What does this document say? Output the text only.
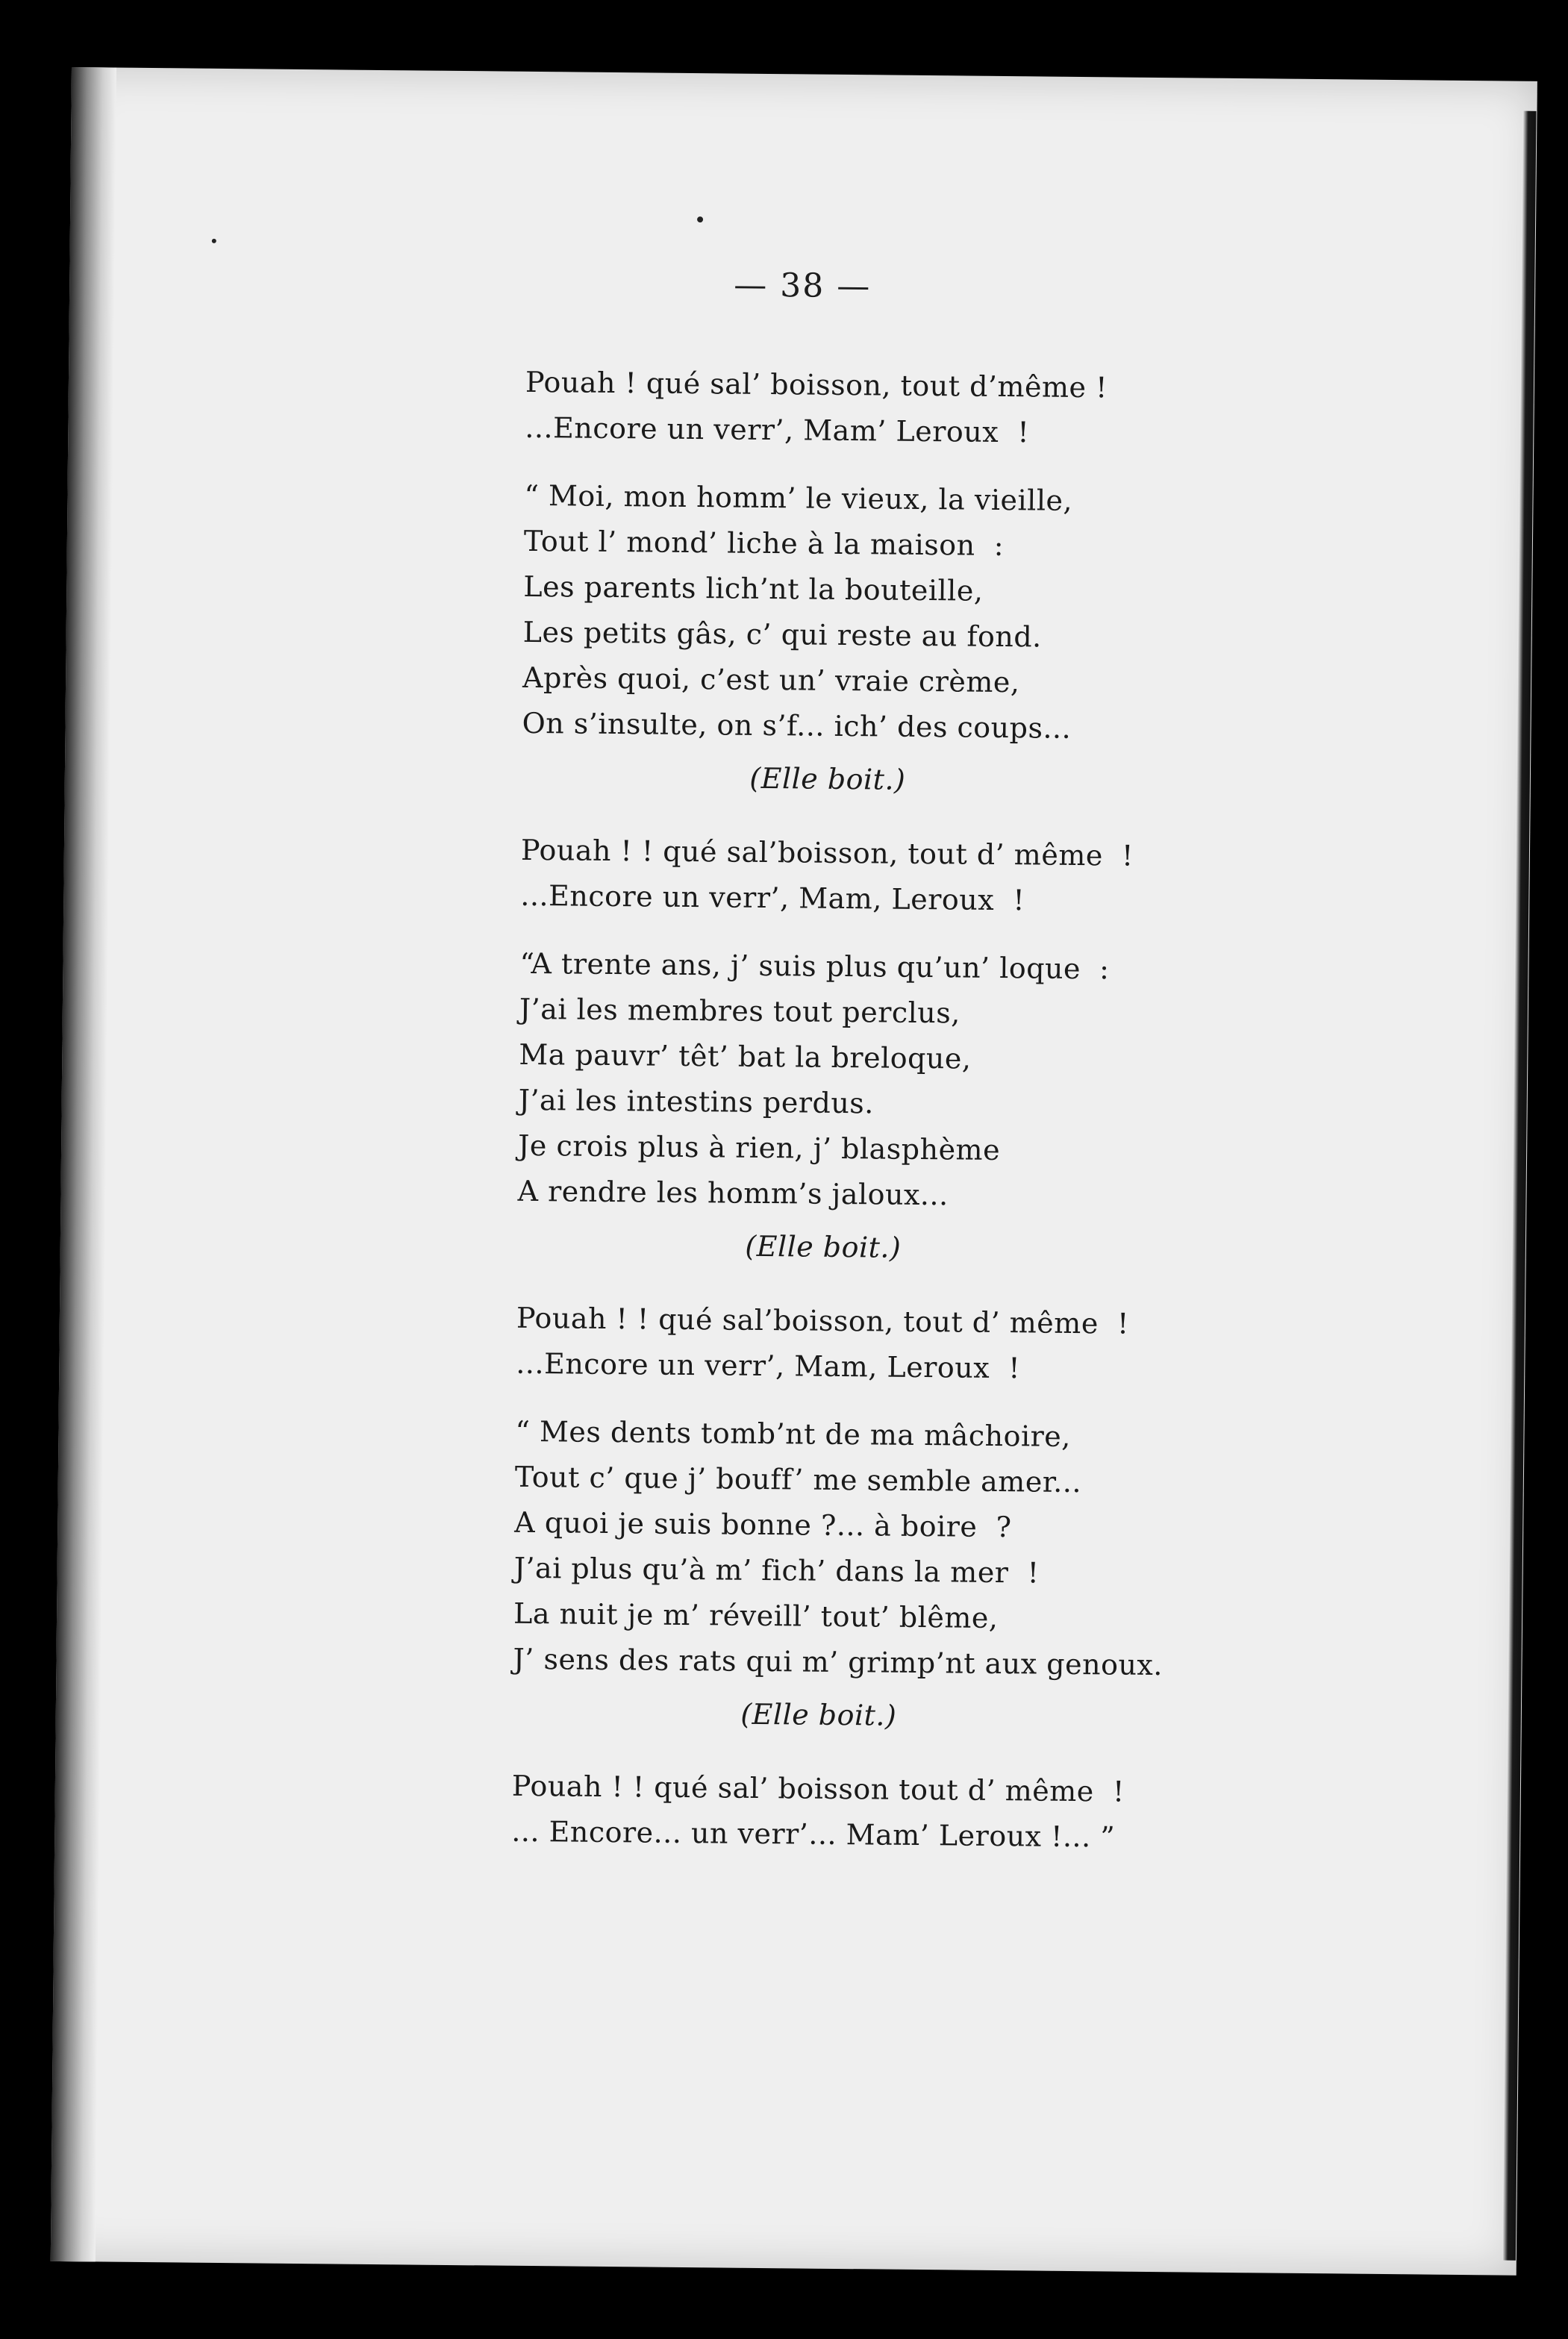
— 38 —
Pouah ! qué sal’ boisson, tout d’même !
...Encore un verr’, Mam’ Leroux  !
“ Moi, mon homm’ le vieux, la vieille,
Tout l’ mond’ liche à la maison  :
Les parents lich’nt la bouteille,
Les petits gâs, c’ qui reste au fond.
Après quoi, c’est un’ vraie crème,
On s’insulte, on s’f... ich’ des coups...
(Elle boit.)
Pouah ! ! qué sal’boisson, tout d’ même  !
...Encore un verr’, Mam, Leroux  !
“A trente ans, j’ suis plus qu’un’ loque  :
J’ai les membres tout perclus,
Ma pauvr’ têt’ bat la breloque,
J’ai les intestins perdus.
Je crois plus à rien, j’ blasphème
A rendre les homm’s jaloux...
(Elle boit.)
Pouah ! ! qué sal’boisson, tout d’ même  !
...Encore un verr’, Mam, Leroux  !
“ Mes dents tomb’nt de ma mâchoire,
Tout c’ que j’ bouff’ me semble amer...
A quoi je suis bonne ?... à boire  ?
J’ai plus qu’à m’ fich’ dans la mer  !
La nuit je m’ réveill’ tout’ blême,
J’ sens des rats qui m’ grimp’nt aux genoux.
(Elle boit.)
Pouah ! ! qué sal’ boisson tout d’ même  !
... Encore... un verr’... Mam’ Leroux !... ”
